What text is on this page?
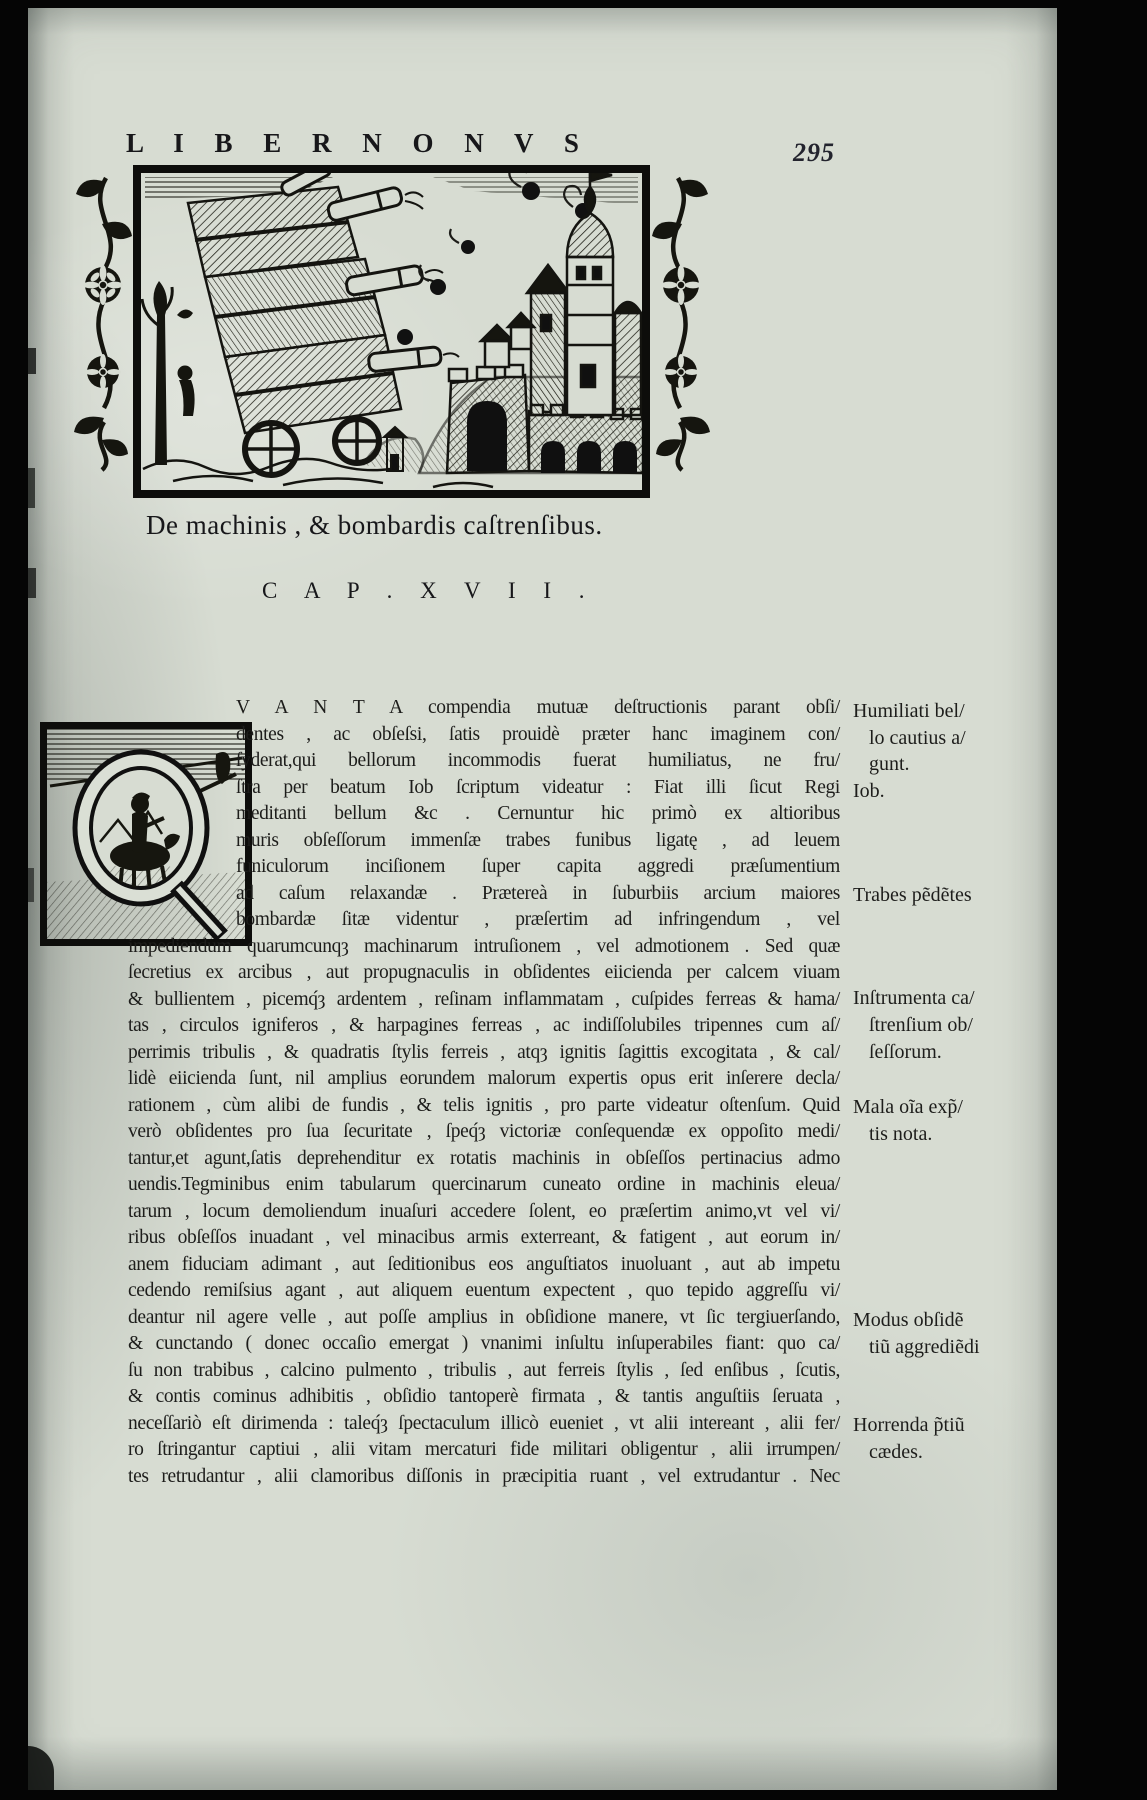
L I B E R N O N V S	295
De machinis , & bombardis caſtrenſibus.
C A P . X V I I .
V A N T A compendia mutuæ deſtructionis parant obſi/
dentes , ac obſeſsi, ſatis prouidè præter hanc imaginem con/
ſyderat,qui bellorum incommodis fuerat humiliatus, ne fru/
ſtra per beatum Iob ſcriptum videatur : Fiat illi ſicut Regi
meditanti bellum &c . Cernuntur hic primò ex altioribus
muris obſeſſorum immenſæ trabes funibus ligatę , ad leuem
funiculorum inciſionem ſuper capita aggredi præſumentium
ad caſum relaxandæ . Prætereà in ſuburbiis arcium maiores
bombardæ ſitæ videntur , præſertim ad infringendum , vel
impediendum quarumcunqȝ machinarum intruſionem , vel admotionem . Sed quæ
ſecretius ex arcibus , aut propugnaculis in obſidentes eiicienda per calcem viuam
& bullientem , picemq́ȝ ardentem , reſinam inflammatam , cuſpides ferreas & hama/
tas , circulos igniferos , & harpagines ferreas , ac indiſſolubiles tripennes cum aſ/
perrimis tribulis , & quadratis ſtylis ferreis , atqȝ ignitis ſagittis excogitata , & cal/
lidè eiicienda ſunt, nil amplius eorundem malorum expertis opus erit inſerere decla/
rationem , cùm alibi de fundis , & telis ignitis , pro parte videatur oſtenſum. Quid
verò obſidentes pro ſua ſecuritate , ſpeq́ȝ victoriæ conſequendæ ex oppoſito medi/
tantur,et agunt,ſatis deprehenditur ex rotatis machinis in obſeſſos pertinacius admo
uendis.Tegminibus enim tabularum quercinarum cuneato ordine in machinis eleua/
tarum , locum demoliendum inuaſuri accedere ſolent, eo præſertim animo,vt vel vi/
ribus obſeſſos inuadant , vel minacibus armis exterreant, & fatigent , aut eorum in/
anem fiduciam adimant , aut ſeditionibus eos anguſtiatos inuoluant , aut ab impetu
cedendo remiſsius agant , aut aliquem euentum expectent , quo tepido aggreſſu vi/
deantur nil agere velle , aut poſſe amplius in obſidione manere, vt ſic tergiuerſando,
& cunctando ( donec occaſio emergat ) vnanimi inſultu inſuperabiles fiant: quo ca/
ſu non trabibus , calcino pulmento , tribulis , aut ferreis ſtylis , ſed enſibus , ſcutis,
& contis cominus adhibitis , obſidio tantoperè firmata , & tantis anguſtiis ſeruata ,
neceſſariò eſt dirimenda : taleq́ȝ ſpectaculum illicò eueniet , vt alii intereant , alii fer/
ro ſtringantur captiui , alii vitam mercaturi fide militari obligentur , alii irrumpen/
tes retrudantur , alii clamoribus diſſonis in præcipitia ruant , vel extrudantur . Nec
Humiliati bel/
lo cautius a/
gunt.
Iob.
Trabes pẽdẽtes
Inſtrumenta ca/
ſtrenſium ob/
ſeſſorum.
Mala oĩa exp̃/
tis nota.
Modus obſidẽ
tiũ aggrediẽdi
Horrenda p̃tiũ
cædes.
